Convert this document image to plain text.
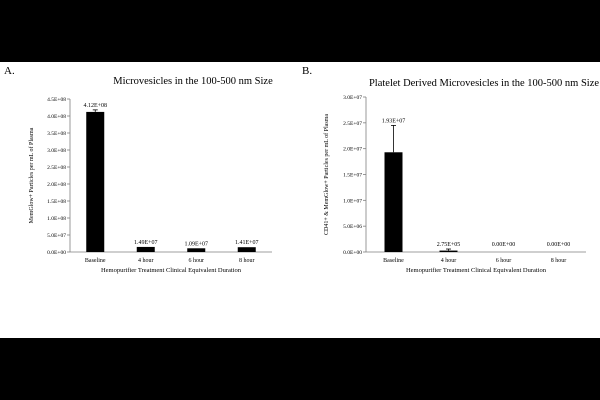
A.
Microvesicles in the 100-500 nm Size
0.0E+00
5.0E+07
1.0E+08
1.5E+08
2.0E+08
2.5E+08
3.0E+08
3.5E+08
4.0E+08
4.5E+08
4.12E+08
Baseline
1.49E+07
4 hour
1.09E+07
6 hour
1.41E+07
8 hour
Hemopurifier Treatment Clinical Equivalent Duration
MemGlow+ Particles per mL of Plasma
B.
Platelet Derived Microvesicles in the 100-500 nm Size
0.0E+00
5.0E+06
1.0E+07
1.5E+07
2.0E+07
2.5E+07
3.0E+07
1.93E+07
Baseline
2.75E+05
4 hour
0.00E+00
6 hour
0.00E+00
8 hour
Hemopurifier Treatment Clinical Equivalent Duration
CD41+ & MemGlow+ Particles per mL of Plasma
